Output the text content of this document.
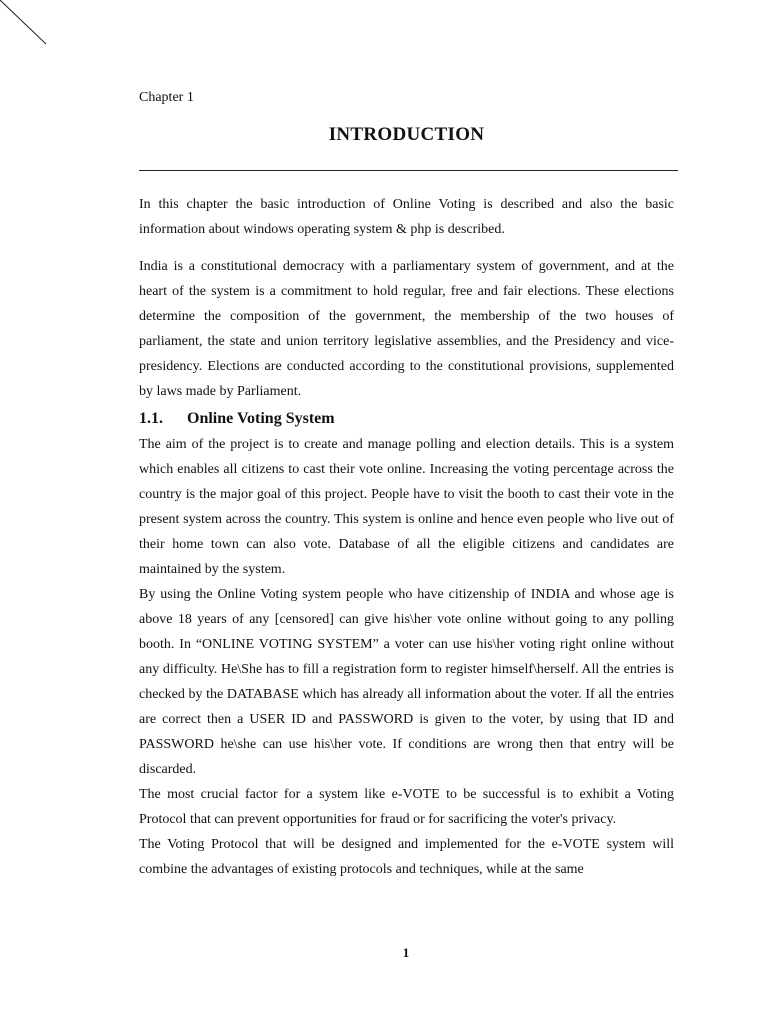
Chapter 1
INTRODUCTION

In this chapter the basic introduction of Online Voting is described and also the basic information about windows operating system & php is described.

India is a constitutional democracy with a parliamentary system of government, and at the heart of the system is a commitment to hold regular, free and fair elections. These elections determine the composition of the government, the membership of the two houses of parliament, the state and union territory legislative assemblies, and the Presidency and vice-presidency. Elections are conducted according to the constitutional provisions, supplemented by laws made by Parliament.

1.1.	Online Voting System

The aim of the project is to create and manage polling and election details. This is a system which enables all citizens to cast their vote online. Increasing the voting percentage across the country is the major goal of this project. People have to visit the booth to cast their vote in the present system across the country. This system is online and hence even people who live out of their home town can also vote. Database of all the eligible citizens and candidates are maintained by the system.

By using the Online Voting system people who have citizenship of INDIA and whose age is above 18 years of any [censored] can give his\her vote online without going to any polling booth. In “ONLINE VOTING SYSTEM” a voter can use his\her voting right online without any difficulty. He\She has to fill a registration form to register himself\herself. All the entries is checked by the DATABASE which has already all information about the voter. If all the entries are correct then a USER ID and PASSWORD is given to the voter, by using that ID and PASSWORD he\she can use his\her vote. If conditions are wrong then that entry will be discarded.

The most crucial factor for a system like e-VOTE to be successful is to exhibit a Voting Protocol that can prevent opportunities for fraud or for sacrificing the voter's privacy.

The Voting Protocol that will be designed and implemented for the e-VOTE system will combine the advantages of existing protocols and techniques, while at the same

1
